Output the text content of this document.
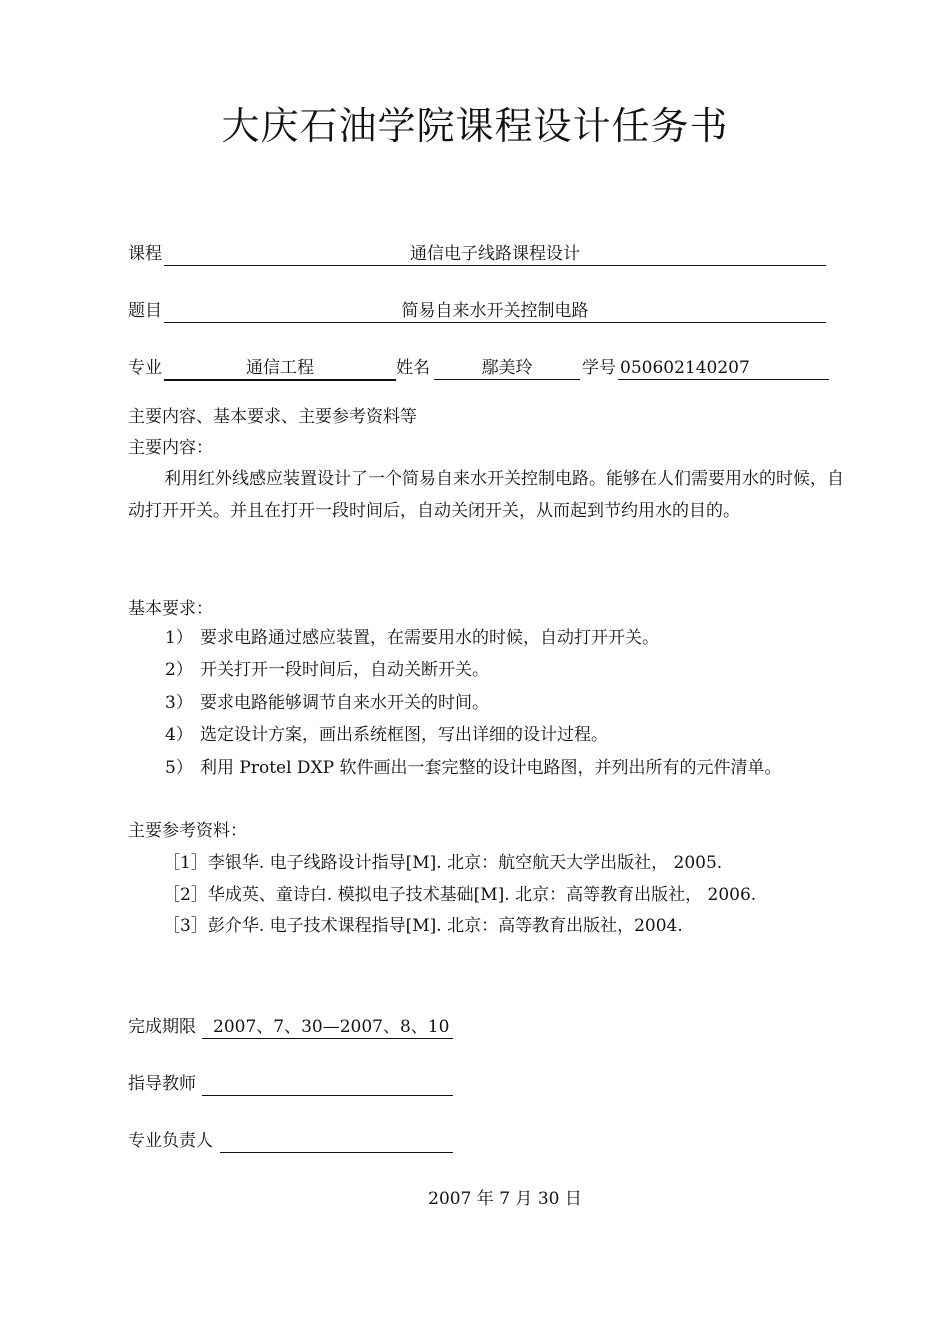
大庆石油学院课程设计任务书
课程	通信电子线路课程设计
题目	简易自来水开关控制电路
专业	通信工程	姓名	鄢美玲	学号 050602140207
主要内容、基本要求、主要参考资料等
主要内容：
利用红外线感应装置设计了一个简易自来水开关控制电路。能够在人们需要用水的时候，自动打开开关。并且在打开一段时间后，自动关闭开关，从而起到节约用水的目的。
基本要求：
1） 要求电路通过感应装置，在需要用水的时候，自动打开开关。
2） 开关打开一段时间后，自动关断开关。
3） 要求电路能够调节自来水开关的时间。
4） 选定设计方案，画出系统框图，写出详细的设计过程。
5） 利用 Protel DXP 软件画出一套完整的设计电路图，并列出所有的元件清单。
主要参考资料：
［1］李银华. 电子线路设计指导[M]. 北京：航空航天大学出版社， 2005.
［2］华成英、童诗白. 模拟电子技术基础[M]. 北京：高等教育出版社， 2006.
［3］彭介华. 电子技术课程指导[M]. 北京：高等教育出版社，2004.
完成期限 2007、7、30—2007、8、10
指导教师
专业负责人
2007 年 7 月 30 日
